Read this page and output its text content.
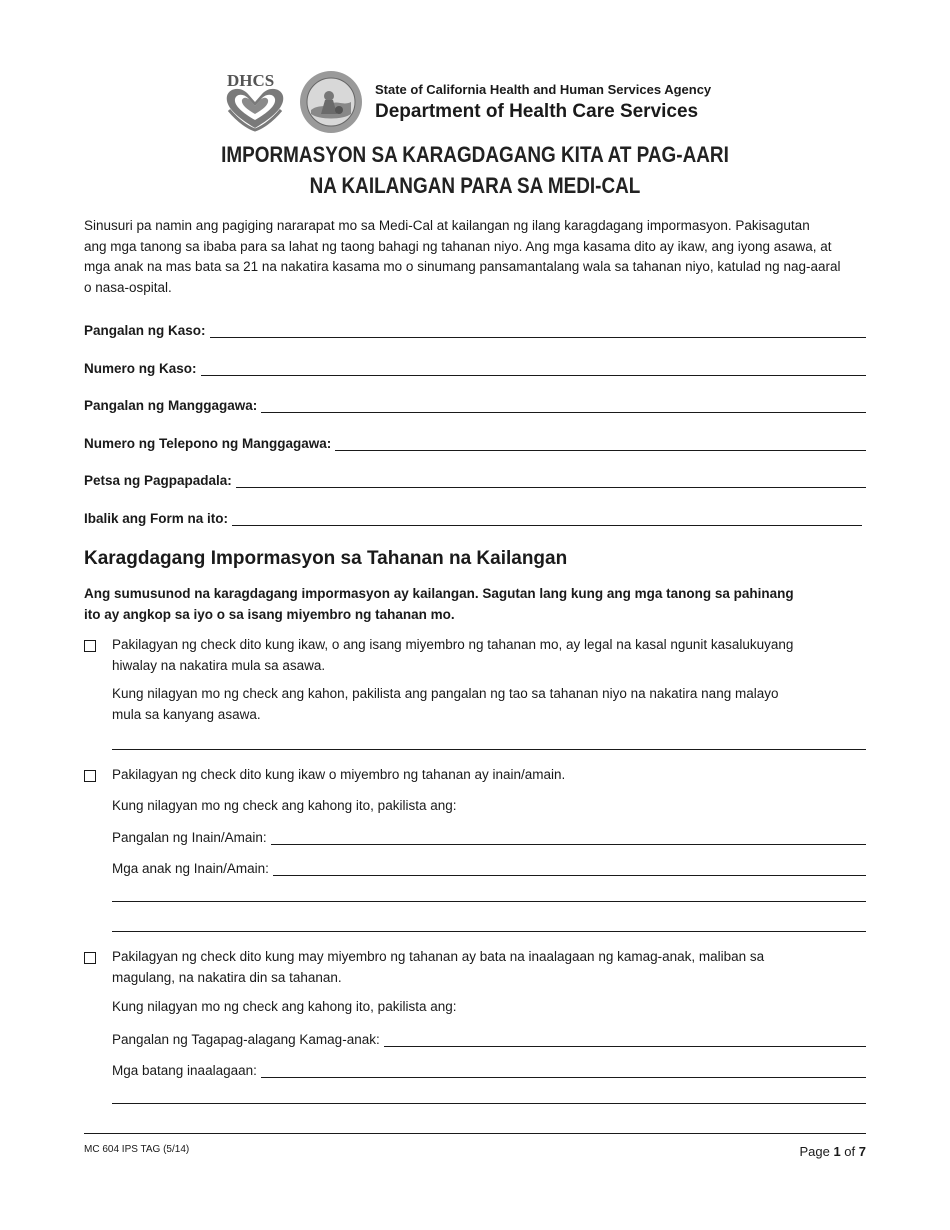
DHCS	State of California Health and Human Services Agency
Department of Health Care Services
IMPORMASYON SA KARAGDAGANG KITA AT PAG-AARI
NA KAILANGAN PARA SA MEDI-CAL
Sinusuri pa namin ang pagiging nararapat mo sa Medi-Cal at kailangan ng ilang karagdagang impormasyon. Pakisagutan
ang mga tanong sa ibaba para sa lahat ng taong bahagi ng tahanan niyo. Ang mga kasama dito ay ikaw, ang iyong asawa, at
mga anak na mas bata sa 21 na nakatira kasama mo o sinumang pansamantalang wala sa tahanan niyo, katulad ng nag-aaral
o nasa-ospital.
Pangalan ng Kaso:
Numero ng Kaso:
Pangalan ng Manggagawa:
Numero ng Telepono ng Manggagawa:
Petsa ng Pagpapadala:
Ibalik ang Form na ito:
Karagdagang Impormasyon sa Tahanan na Kailangan
Ang sumusunod na karagdagang impormasyon ay kailangan. Sagutan lang kung ang mga tanong sa pahinang
ito ay angkop sa iyo o sa isang miyembro ng tahanan mo.
Pakilagyan ng check dito kung ikaw, o ang isang miyembro ng tahanan mo, ay legal na kasal ngunit kasalukuyang
hiwalay na nakatira mula sa asawa.
Kung nilagyan mo ng check ang kahon, pakilista ang pangalan ng tao sa tahanan niyo na nakatira nang malayo
mula sa kanyang asawa.
Pakilagyan ng check dito kung ikaw o miyembro ng tahanan ay inain/amain.
Kung nilagyan mo ng check ang kahong ito, pakilista ang:
Pangalan ng Inain/Amain:
Mga anak ng Inain/Amain:
Pakilagyan ng check dito kung may miyembro ng tahanan ay bata na inaalagaan ng kamag-anak, maliban sa
magulang, na nakatira din sa tahanan.
Kung nilagyan mo ng check ang kahong ito, pakilista ang:
Pangalan ng Tagapag-alagang Kamag-anak:
Mga batang inaalagaan:
MC 604 IPS TAG (5/14)	Page 1 of 7
